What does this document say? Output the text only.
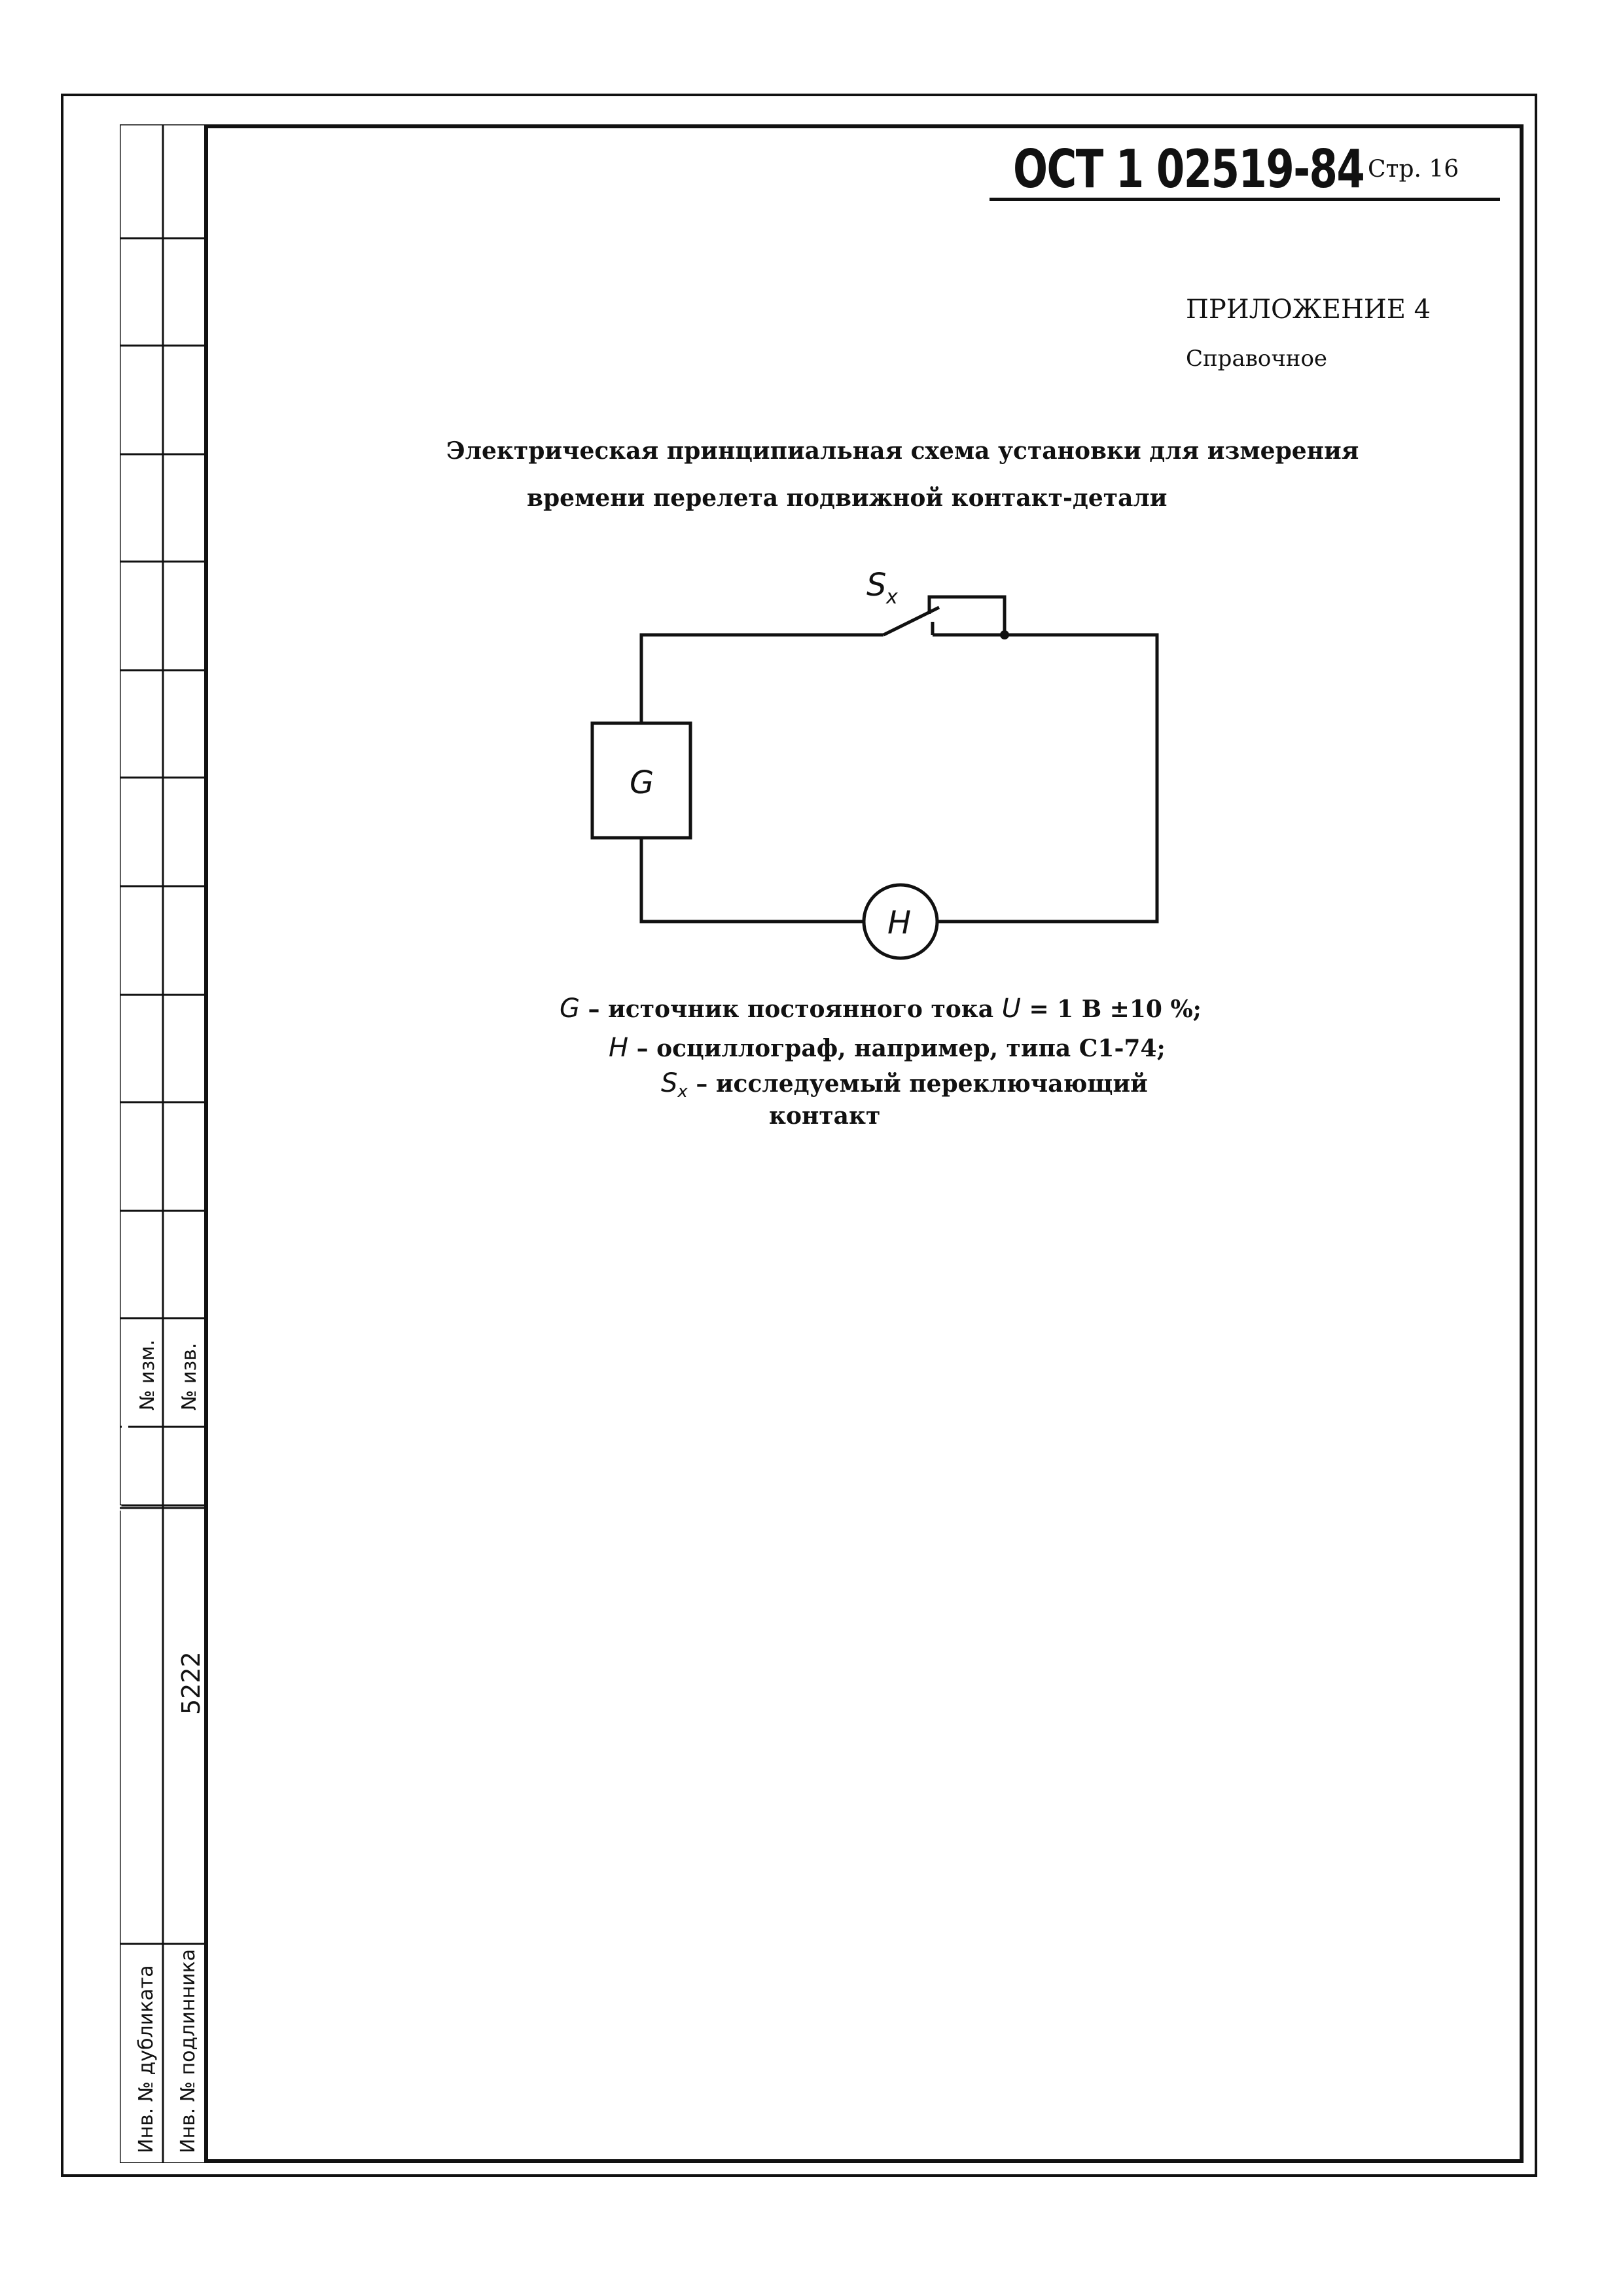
№ изм. № изв.
Инв. № дубликата Инв. № подлинника
5222
ОСТ 1 02519-84 Стр. 16
ПРИЛОЖЕНИЕ 4
Справочное
Электрическая принципиальная схема установки для измерения
времени перелета подвижной контакт-детали
G
H
S x
G – источник постоянного тока U = 1 В ±10 %;
H – осциллограф, например, типа С1-74;
$S_x$ – исследуемый переключающий
контакт
